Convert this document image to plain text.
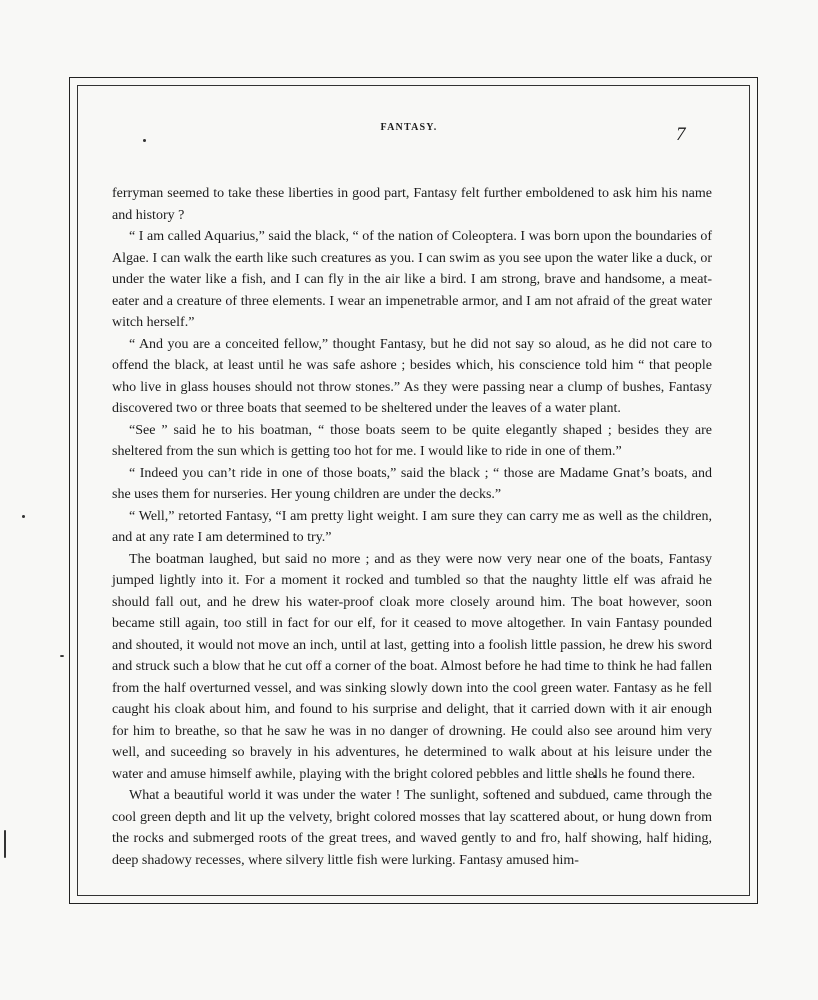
FANTASY.	7

ferryman seemed to take these liberties in good part, Fantasy felt further emboldened to ask him his name and history ?

“ I am called Aquarius,” said the black, “ of the nation of Coleoptera. I was born upon the boundaries of Algae. I can walk the earth like such creatures as you. I can swim as you see upon the water like a duck, or under the water like a fish, and I can fly in the air like a bird. I am strong, brave and handsome, a meat-eater and a creature of three elements. I wear an impenetrable armor, and I am not afraid of the great water witch herself.”

“ And you are a conceited fellow,” thought Fantasy, but he did not say so aloud, as he did not care to offend the black, at least until he was safe ashore ; besides which, his conscience told him “ that people who live in glass houses should not throw stones.” As they were passing near a clump of bushes, Fantasy discovered two or three boats that seemed to be sheltered under the leaves of a water plant.

“See ” said he to his boatman, “ those boats seem to be quite elegantly shaped ; besides they are sheltered from the sun which is getting too hot for me. I would like to ride in one of them.”

“ Indeed you can’t ride in one of those boats,” said the black ; “ those are Madame Gnat’s boats, and she uses them for nurseries. Her young children are under the decks.”

“ Well,” retorted Fantasy, “I am pretty light weight. I am sure they can carry me as well as the children, and at any rate I am determined to try.”

The boatman laughed, but said no more ; and as they were now very near one of the boats, Fantasy jumped lightly into it. For a moment it rocked and tumbled so that the naughty little elf was afraid he should fall out, and he drew his water-proof cloak more closely around him. The boat however, soon became still again, too still in fact for our elf, for it ceased to move altogether. In vain Fantasy pounded and shouted, it would not move an inch, until at last, getting into a foolish little passion, he drew his sword and struck such a blow that he cut off a corner of the boat. Almost before he had time to think he had fallen from the half overturned vessel, and was sinking slowly down into the cool green water. Fantasy as he fell caught his cloak about him, and found to his surprise and delight, that it carried down with it air enough for him to breathe, so that he saw he was in no danger of drowning. He could also see around him very well, and suceeding so bravely in his adventures, he determined to walk about at his leisure under the water and amuse himself awhile, playing with the bright colored pebbles and little shells he found there.

What a beautiful world it was under the water ! The sunlight, softened and subdued, came through the cool green depth and lit up the velvety, bright colored mosses that lay scattered about, or hung down from the rocks and submerged roots of the great trees, and waved gently to and fro, half showing, half hiding, deep shadowy recesses, where silvery little fish were lurking. Fantasy amused him-
